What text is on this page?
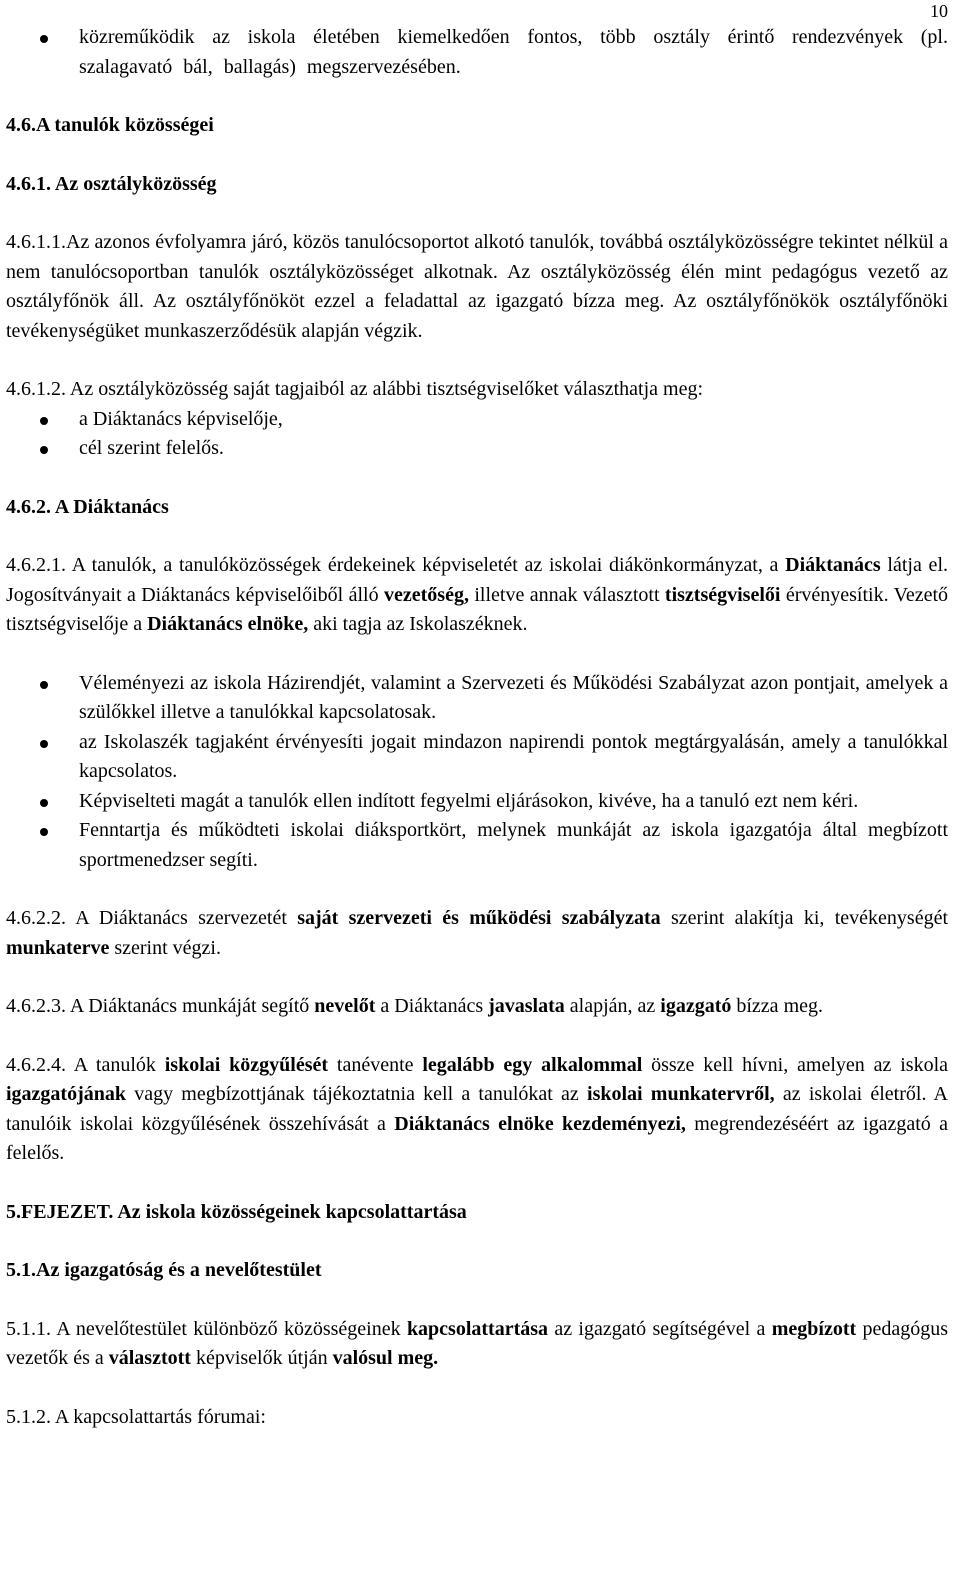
10
közreműködik az iskola életében kiemelkedően fontos, több osztály érintő rendezvények (pl. szalagavató bál, ballagás) megszervezésében.

4.6.A tanulók közösségei

4.6.1. Az osztályközösség

4.6.1.1.Az azonos évfolyamra járó, közös tanulócsoportot alkotó tanulók, továbbá osztályközösségre tekintet nélkül a nem tanulócsoportban tanulók osztályközösséget alkotnak. Az osztályközösség élén mint pedagógus vezető az osztályfőnök áll. Az osztályfőnököt ezzel a feladattal az igazgató bízza meg. Az osztályfőnökök osztályfőnöki tevékenységüket munkaszerződésük alapján végzik.

4.6.1.2. Az osztályközösség saját tagjaiból az alábbi tisztségviselőket választhatja meg:

a Diáktanács képviselője,
cél szerint felelős.

4.6.2. A Diáktanács

4.6.2.1. A tanulók, a tanulóközösségek érdekeinek képviseletét az iskolai diákönkormányzat, a Diáktanács látja el. Jogosítványait a Diáktanács képviselőiből álló vezetőség, illetve annak választott tisztségviselői érvényesítik. Vezető tisztségviselője a Diáktanács elnöke, aki tagja az Iskolaszéknek.

Véleményezi az iskola Házirendjét, valamint a Szervezeti és Működési Szabályzat azon pontjait, amelyek a szülőkkel illetve a tanulókkal kapcsolatosak.
az Iskolaszék tagjaként érvényesíti jogait mindazon napirendi pontok megtárgyalásán, amely a tanulókkal kapcsolatos.
Képviselteti magát a tanulók ellen indított fegyelmi eljárásokon, kivéve, ha a tanuló ezt nem kéri.
Fenntartja és működteti iskolai diáksportkört, melynek munkáját az iskola igazgatója által megbízott sportmenedzser segíti.

4.6.2.2. A Diáktanács szervezetét saját szervezeti és működési szabályzata szerint alakítja ki, tevékenységét munkaterve szerint végzi.

4.6.2.3. A Diáktanács munkáját segítő nevelőt a Diáktanács javaslata alapján, az igazgató bízza meg.

4.6.2.4. A tanulók iskolai közgyűlését tanévente legalább egy alkalommal össze kell hívni, amelyen az iskola igazgatójának vagy megbízottjának tájékoztatnia kell a tanulókat az iskolai munkatervről, az iskolai életről. A tanulóik iskolai közgyűlésének összehívását a Diáktanács elnöke kezdeményezi, megrendezéséért az igazgató a felelős.

5.FEJEZET. Az iskola közösségeinek kapcsolattartása

5.1.Az igazgatóság és a nevelőtestület

5.1.1. A nevelőtestület különböző közösségeinek kapcsolattartása az igazgató segítségével a megbízott pedagógus vezetők és a választott képviselők útján valósul meg.

5.1.2. A kapcsolattartás fórumai:
